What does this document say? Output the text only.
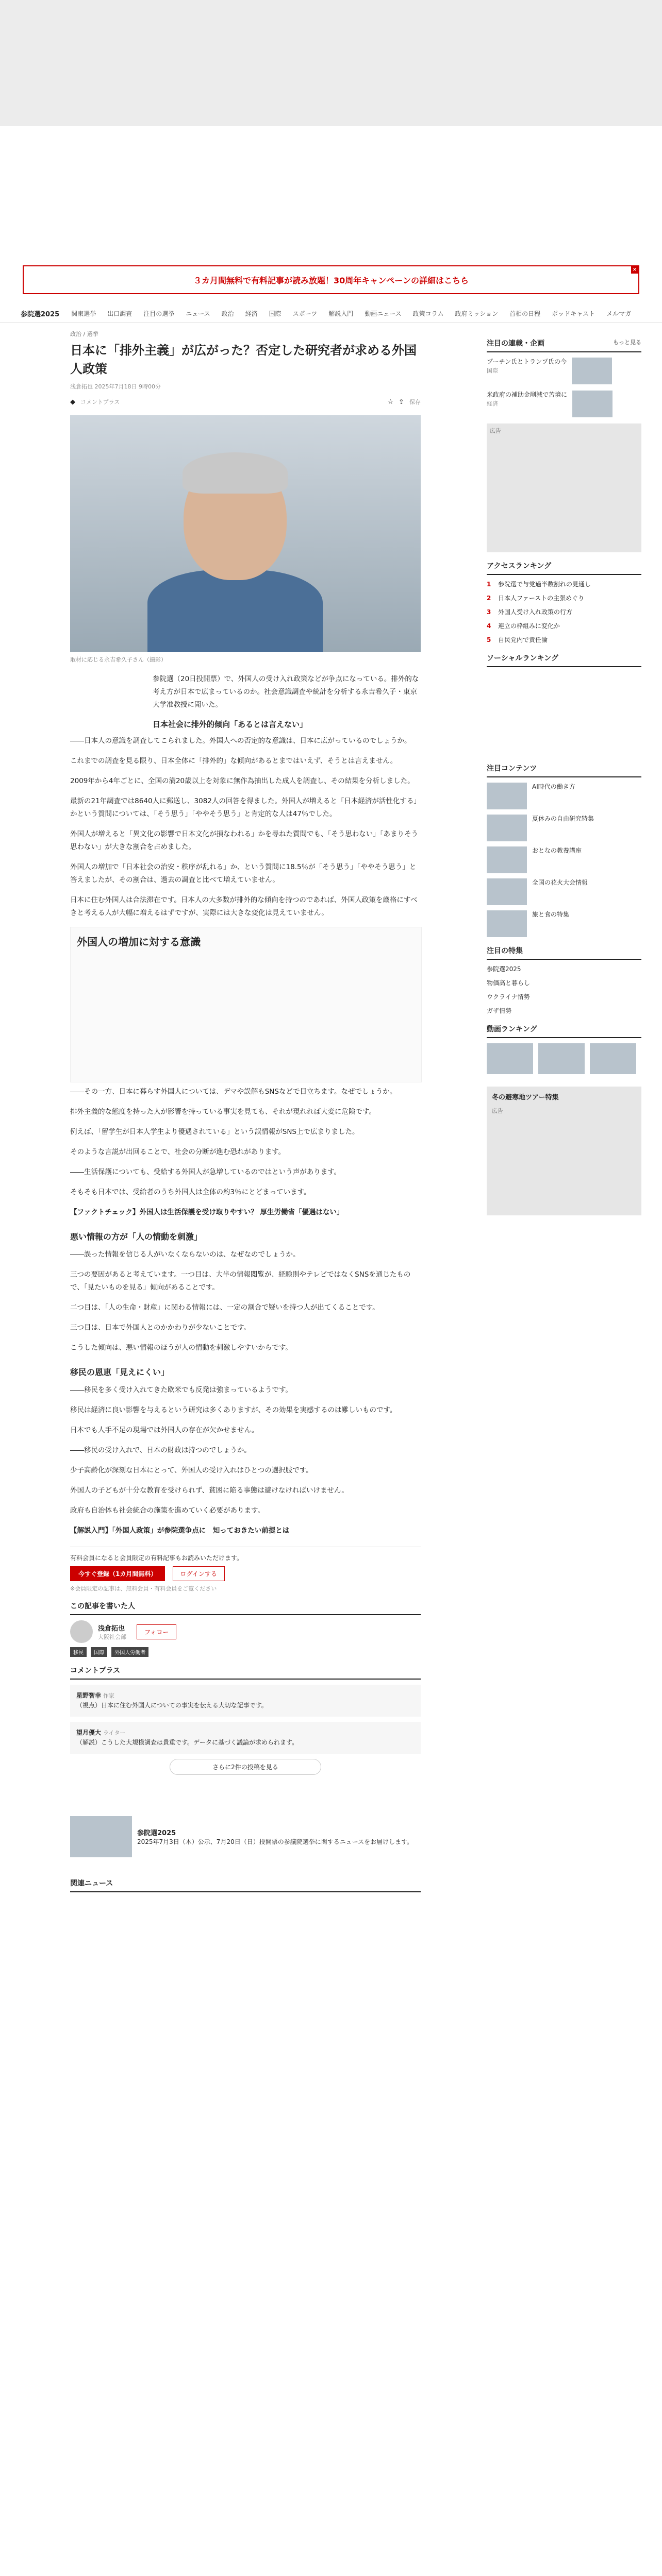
３カ月間無料で有料記事が読み放題！30周年キャンペーンの詳細はこちら
×
参院選2025	関東選挙	出口調査	注目の選挙	ニュース	政治	経済	国際	スポーツ	解説入門	動画ニュース	政策コラム	政府ミッション	首相の日程	ポッドキャスト	メルマガ
政治 / 選挙
日本に「排外主義」が広がった？否定した研究者が求める外国人政策
浅倉拓也 2025年7月18日 9時00分
◆ コメントプラス	☆ ⇪ 保存
取材に応じる永吉希久子さん（撮影）

参院選（20日投開票）で、外国人の受け入れ政策などが争点になっている。排外的な考え方が日本で広まっているのか。社会意識調査や統計を分析する永吉希久子・東京大学准教授に聞いた。

日本社会に排外的傾向「あるとは言えない」

――日本人の意識を調査してこられました。外国人への否定的な意識は、日本に広がっているのでしょうか。

これまでの調査を見る限り、日本全体に「排外的」な傾向があるとまではいえず、そうとは言えません。

2009年から4年ごとに、全国の満20歳以上を対象に無作為抽出した成人を調査し、その結果を分析しました。

最新の21年調査では8640人に郵送し、3082人の回答を得ました。外国人が増えると「日本経済が活性化する」かという質問については、「そう思う」「ややそう思う」と肯定的な人は47％でした。

外国人が増えると「異文化の影響で日本文化が損なわれる」かを尋ねた質問でも、「そう思わない」「あまりそう思わない」が大きな割合を占めました。

外国人の増加で「日本社会の治安・秩序が乱れる」か、という質問に18.5％が「そう思う」「ややそう思う」と答えましたが、その割合は、過去の調査と比べて増えていません。

日本に住む外国人は合法滞在です。日本人の大多数が排外的な傾向を持つのであれば、外国人政策を厳格にすべきと考える人が大幅に増えるはずですが、実際には大きな変化は見えていません。

外国人の増加に対する意識

――その一方、日本に暮らす外国人については、デマや誤解もSNSなどで目立ちます。なぜでしょうか。

排外主義的な態度を持った人が影響を持っている事実を見ても、それが現れれば大変に危険です。

例えば、「留学生が日本人学生より優遇されている」という誤情報がSNS上で広まりました。

そのような言説が出回ることで、社会の分断が進む恐れがあります。

――生活保護についても、受給する外国人が急増しているのではという声があります。

そもそも日本では、受給者のうち外国人は全体の約3％にとどまっています。

【ファクトチェック】外国人は生活保護を受け取りやすい？ 厚生労働省「優遇はない」

悪い情報の方が「人の情動を刺激」

――誤った情報を信じる人がいなくならないのは、なぜなのでしょうか。

三つの要因があると考えています。一つ目は、大半の情報閲覧が、経験則やテレビではなくSNSを通じたもので、「見たいものを見る」傾向があることです。

二つ目は、「人の生命・財産」に関わる情報には、一定の割合で疑いを持つ人が出てくることです。

三つ目は、日本で外国人とのかかわりが少ないことです。

こうした傾向は、悪い情報のほうが人の情動を刺激しやすいからです。

移民の恩恵「見えにくい」

――移民を多く受け入れてきた欧米でも反発は強まっているようです。

移民は経済に良い影響を与えるという研究は多くありますが、その効果を実感するのは難しいものです。

日本でも人手不足の現場では外国人の存在が欠かせません。

――移民の受け入れで、日本の財政は持つのでしょうか。

少子高齢化が深刻な日本にとって、外国人の受け入れはひとつの選択肢です。

外国人の子どもが十分な教育を受けられず、貧困に陥る事態は避けなければいけません。

政府も自治体も社会統合の施策を進めていく必要があります。

【解説入門】「外国人政策」が参院選争点に　知っておきたい前提とは

有料会員になると会員限定の有料記事もお読みいただけます。
今すぐ登録（1カ月間無料）	ログインする
※会員限定の記事は、無料会員・有料会員をご覧ください
この記事を書いた人
浅倉拓也
大阪社会部
フォロー
移民 国際 外国人労働者
コメントプラス
星野智幸 作家
（視点）日本に住む外国人についての事実を伝える大切な記事です。
望月優大 ライター
（解説）こうした大規模調査は貴重です。データに基づく議論が求められます。
さらに2件の投稿を見る
参院選2025
2025年7月3日（木）公示、7月20日（日）投開票の参議院選挙に関するニュースをお届けします。
関連ニュース
注目の連載・企画	もっと見る
プーチン氏とトランプ氏の今
国際
米政府の補助金削減で苦境に
経済
広告
アクセスランキング
1	参院選で与党過半数割れの見通し
2	日本人ファーストの主張めぐり
3	外国人受け入れ政策の行方
4	連立の枠組みに変化か
5	自民党内で責任論
ソーシャルランキング
注目コンテンツ
AI時代の働き方
夏休みの自由研究特集
おとなの教養講座
全国の花火大会情報
旅と食の特集
注目の特集
参院選2025
物価高と暮らし
ウクライナ情勢
ガザ情勢
動画ランキング
冬の避寒地ツアー特集
広告
